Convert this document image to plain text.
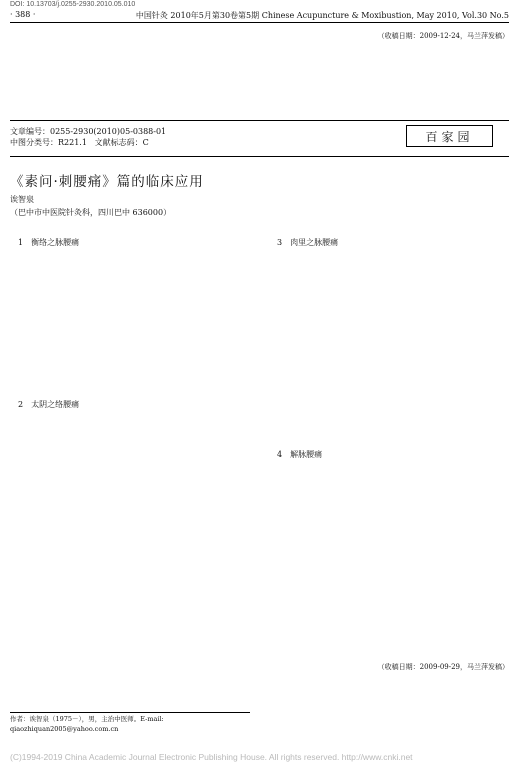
DOI: 10.13703/j.0255-2930.2010.05.010
· 388 ·	中国针灸 2010年5月第30卷第5期 Chinese Acupuncture & Moxibustion, May 2010, Vol.30 No.5
（收稿日期：2009-12-24，马兰萍发稿）
文章编号：0255-2930(2010)05-0388-01
中图分类号：R221.1 文献标志码：C	百家园
《素问·刺腰痛》篇的临床应用
诶智泉
（巴中市中医院针灸科，四川巴中 636000）
1　衡络之脉腰痛
2　太阴之络腰痛
3　肉里之脉腰痛
4　解脉腰痛
（收稿日期：2009-09-29，马兰萍发稿）
作者：诶智泉（1975－），男，主治中医师。E-mail: qiaozhiquan2005@yahoo.com.cn
(C)1994-2019 China Academic Journal Electronic Publishing House. All rights reserved. http://www.cnki.net
